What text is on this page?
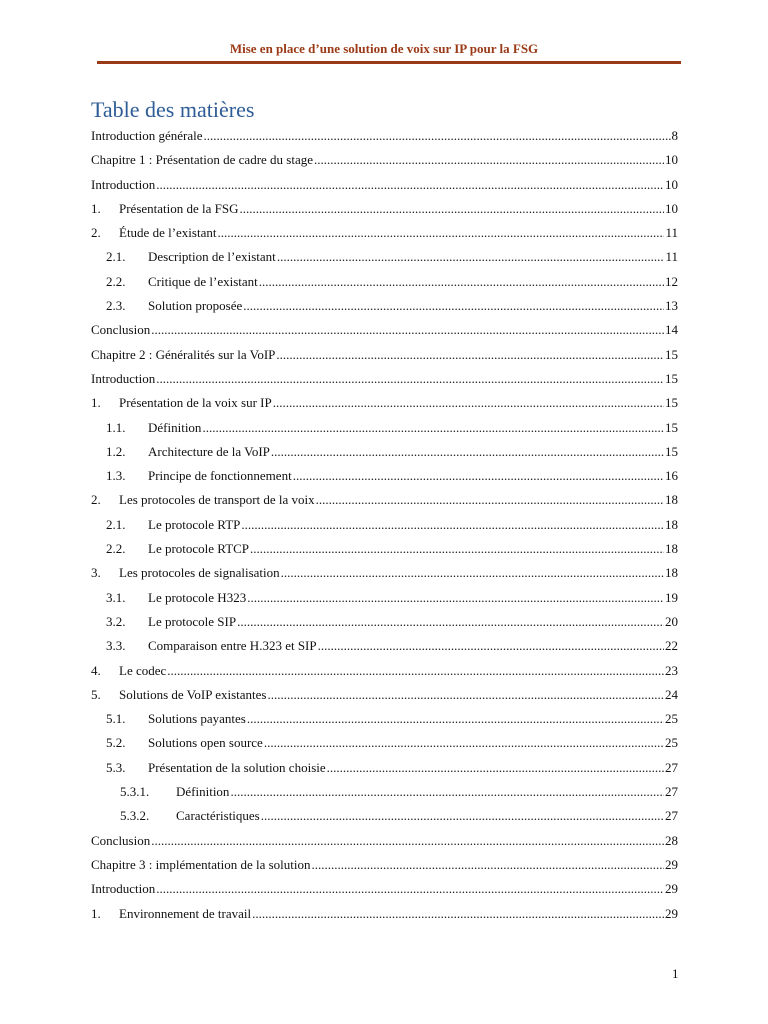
Mise en place d’une solution de voix sur IP pour la FSG
Table des matières
Introduction générale .....	8
Chapitre 1 : Présentation de cadre du stage .....	10
Introduction .....	10
1.	Présentation de la FSG .....	10
2.	Étude de l’existant .....	11
2.1.	Description de l’existant .....	11
2.2.	Critique de l’existant .....	12
2.3.	Solution proposée .....	13
Conclusion .....	14
Chapitre 2 : Généralités sur la VoIP .....	15
Introduction .....	15
1.	Présentation de la voix sur IP .....	15
1.1.	Définition .....	15
1.2.	Architecture de la VoIP .....	15
1.3.	Principe de fonctionnement .....	16
2.	Les protocoles de transport de la voix .....	18
2.1.	Le protocole RTP .....	18
2.2.	Le protocole RTCP .....	18
3.	Les protocoles de signalisation .....	18
3.1.	Le protocole H323 .....	19
3.2.	Le protocole SIP .....	20
3.3.	Comparaison entre H.323 et SIP .....	22
4.	Le codec .....	23
5.	Solutions de VoIP existantes .....	24
5.1.	Solutions payantes .....	25
5.2.	Solutions open source .....	25
5.3.	Présentation de la solution choisie .....	27
5.3.1.	Définition .....	27
5.3.2.	Caractéristiques .....	27
Conclusion .....	28
Chapitre 3 : implémentation de la solution .....	29
Introduction .....	29
1.	Environnement de travail .....	29
1
